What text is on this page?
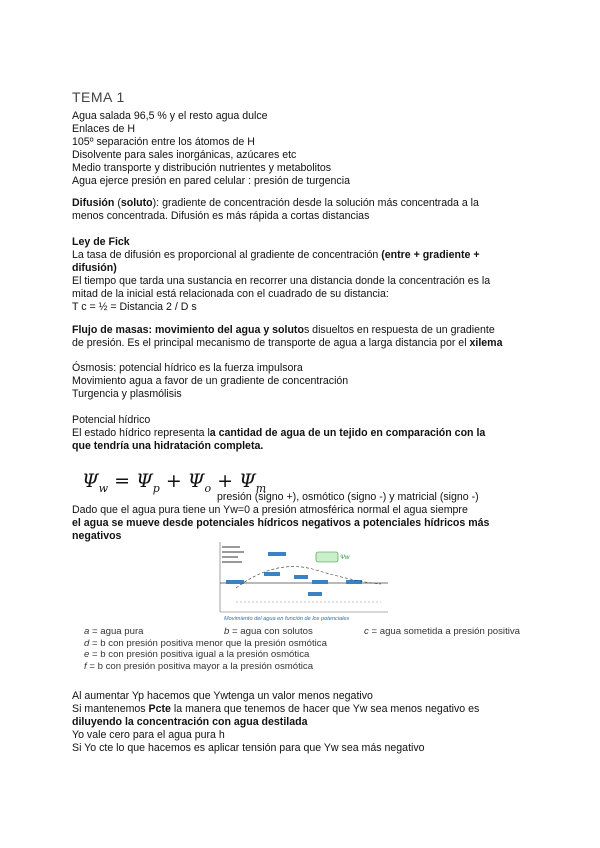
TEMA 1

Agua salada 96,5 % y el resto agua dulce

Enlaces de H

105º separación entre los átomos de H

Disolvente para sales inorgánicas, azúcares etc

Medio transporte y distribución nutrientes y metabolitos

Agua ejerce presión en pared celular : presión de turgencia

Difusión (soluto): gradiente de concentración desde la solución más concentrada a la

menos concentrada. Difusión es más rápida a cortas distancias

Ley de Fick

La tasa de difusión es proporcional al gradiente de concentración (entre + gradiente +

difusión)

El tiempo que tarda una sustancia en recorrer una distancia donde la concentración es la

mitad de la inicial está relacionada con el cuadrado de su distancia:

T c = ½ = Distancia 2 / D s

Flujo de masas: movimiento del agua y solutos disueltos en respuesta de un gradiente

de presión. Es el principal mecanismo de transporte de agua a larga distancia por el xilema

Ósmosis: potencial hídrico es la fuerza impulsora

Movimiento agua a favor de un gradiente de concentración

Turgencia y plasmólisis

Potencial hídrico

El estado hídrico representa la cantidad de agua de un tejido en comparación con la

que tendría una hidratación completa.

$\Psi_w = \Psi_p + \Psi_o + \Psi_m$
presión (signo +), osmótico (signo -) y matricial (signo -)

Dado que el agua pura tiene un Yw=0 a presión atmosférica normal el agua siempre

el agua se mueve desde potenciales hídricos negativos a potenciales hídricos más

negativos

Ψw
Movimiento del agua en función de los potenciales
a = agua pura	b = agua con solutos	c = agua sometida a presión positiva
d = b con presión positiva menor que la presión osmótica
e = b con presión positiva igual a la presión osmótica
f = b con presión positiva mayor a la presión osmótica

Al aumentar Yp hacemos que Ywtenga un valor menos negativo

Si mantenemos Pcte la manera que tenemos de hacer que Yw sea menos negativo es

diluyendo la concentración con agua destilada

Yo vale cero para el agua pura h

Si Yo cte lo que hacemos es aplicar tensión para que Yw sea más negativo
